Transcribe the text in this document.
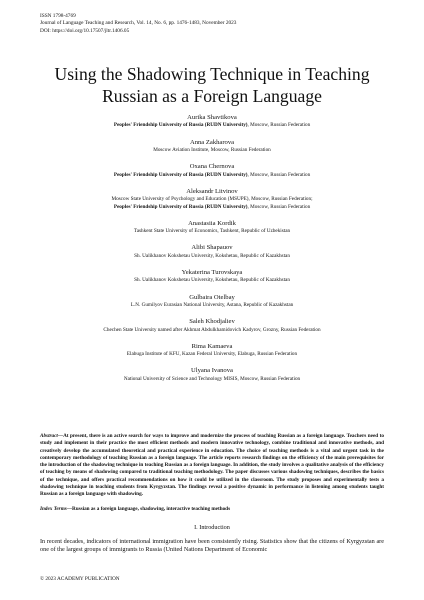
ISSN 1798-4769
Journal of Language Teaching and Research, Vol. 14, No. 6, pp. 1476-1483, November 2023
DOI: https://doi.org/10.17507/jltr.1406.05
Using the Shadowing Technique in Teaching
Russian as a Foreign Language
Aurika Shavtikova
Peoples' Friendship University of Russia (RUDN University), Moscow, Russian Federation
Anna Zakharova
Moscow Aviation Institute, Moscow, Russian Federation
Oxana Chernova
Peoples' Friendship University of Russia (RUDN University), Moscow, Russian Federation
Aleksandr Litvinov
Moscow State University of Psychology and Education (MSUPE), Moscow, Russian Federation;
Peoples' Friendship University of Russia (RUDN University), Moscow, Russian Federation
Anastasiia Kordik
Tashkent State University of Economics, Tashkent, Republic of Uzbekistan
Alibi Shapauov
Sh. Ualikhanov Kokshetau University, Kokshetau, Republic of Kazakhstan
Yekaterina Turovskaya
Sh. Ualikhanov Kokshetau University, Kokshetau, Republic of Kazakhstan
Gulbaira Otelbay
L.N. Gumilyov Eurasian National University, Astana, Republic of Kazakhstan
Saleh Khodjaliev
Chechen State University named after Akhmat Abdulkhamidovich Kadyrov, Grozny, Russian Federation
Rima Kamaeva
Elabuga Institute of KFU, Kazan Federal University, Elabuga, Russian Federation
Ulyana Ivanova
National University of Science and Technology MISIS, Moscow, Russian Federation

Abstract—At present, there is an active search for ways to improve and modernize the process of teaching Russian as a foreign language. Teachers need to study and implement in their practice the most efficient methods and modern innovative technology, combine traditional and innovative methods, and creatively develop the accumulated theoretical and practical experience in education. The choice of teaching methods is a vital and urgent task in the contemporary methodology of teaching Russian as a foreign language. The article reports research findings on the efficiency of the main prerequisites for the introduction of the shadowing technique in teaching Russian as a foreign language. In addition, the study involves a qualitative analysis of the efficiency of teaching by means of shadowing compared to traditional teaching methodology. The paper discusses various shadowing techniques, describes the basics of the technique, and offers practical recommendations on how it could be utilized in the classroom. The study proposes and experimentally tests a shadowing technique in teaching students from Kyrgyzstan. The findings reveal a positive dynamic in performance in listening among students taught Russian as a foreign language with shadowing.

Index Terms—Russian as a foreign language, shadowing, interactive teaching methods

I. Introduction

In recent decades, indicators of international immigration have been consistently rising. Statistics show that the citizens of Kyrgyzstan are one of the largest groups of immigrants to Russia (United Nations Department of Economic

© 2023 ACADEMY PUBLICATION
